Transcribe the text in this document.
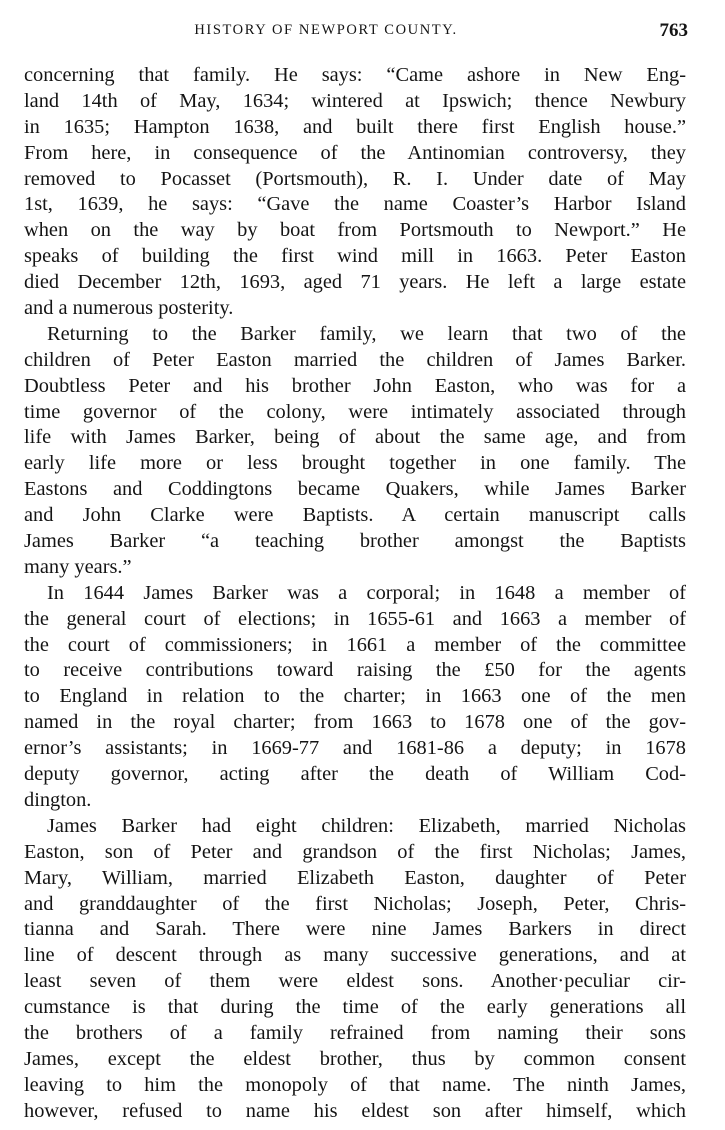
HISTORY OF NEWPORT COUNTY.	763
concerning that family. He says: “Came ashore in New Eng-
land 14th of May, 1634; wintered at Ipswich; thence Newbury
in 1635; Hampton 1638, and built there first English house.”
From here, in consequence of the Antinomian controversy, they
removed to Pocasset (Portsmouth), R. I. Under date of May
1st, 1639, he says: “Gave the name Coaster’s Harbor Island
when on the way by boat from Portsmouth to Newport.” He
speaks of building the first wind mill in 1663. Peter Easton
died December 12th, 1693, aged 71 years. He left a large estate
and a numerous posterity.
Returning to the Barker family, we learn that two of the
children of Peter Easton married the children of James Barker.
Doubtless Peter and his brother John Easton, who was for a
time governor of the colony, were intimately associated through
life with James Barker, being of about the same age, and from
early life more or less brought together in one family. The
Eastons and Coddingtons became Quakers, while James Barker
and John Clarke were Baptists. A certain manuscript calls
James Barker “a teaching brother amongst the Baptists
many years.”
In 1644 James Barker was a corporal; in 1648 a member of
the general court of elections; in 1655-61 and 1663 a member of
the court of commissioners; in 1661 a member of the committee
to receive contributions toward raising the £50 for the agents
to England in relation to the charter; in 1663 one of the men
named in the royal charter; from 1663 to 1678 one of the gov-
ernor’s assistants; in 1669-77 and 1681-86 a deputy; in 1678
deputy governor, acting after the death of William Cod-
dington.
James Barker had eight children: Elizabeth, married Nicholas
Easton, son of Peter and grandson of the first Nicholas; James,
Mary, William, married Elizabeth Easton, daughter of Peter
and granddaughter of the first Nicholas; Joseph, Peter, Chris-
tianna and Sarah. There were nine James Barkers in direct
line of descent through as many successive generations, and at
least seven of them were eldest sons. Another·peculiar cir-
cumstance is that during the time of the early generations all
the brothers of a family refrained from naming their sons
James, except the eldest brother, thus by common consent
leaving to him the monopoly of that name. The ninth James,
however, refused to name his eldest son after himself, which
